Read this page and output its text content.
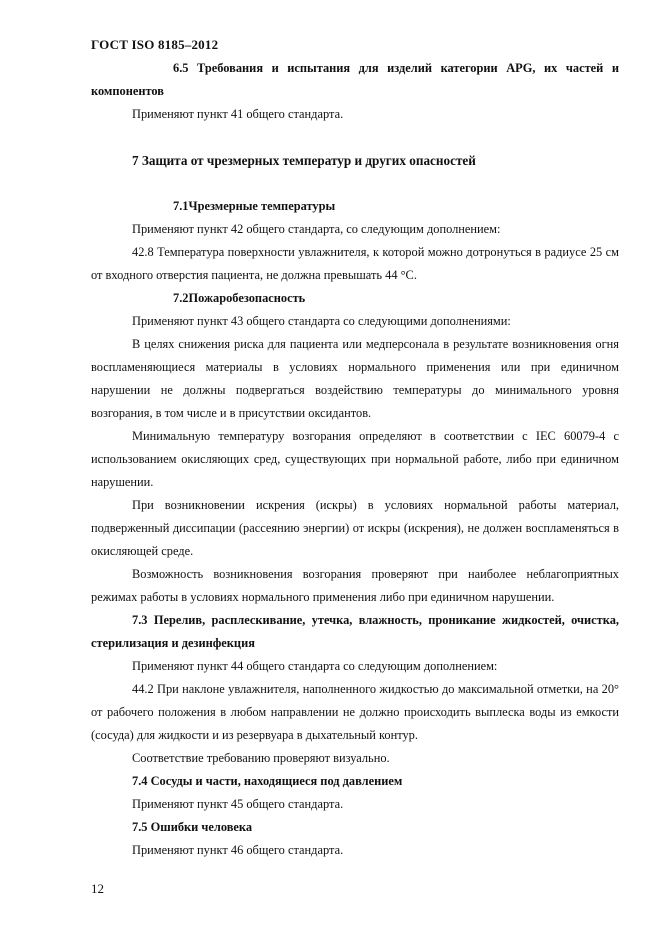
ГОСТ ISO 8185–2012

6.5 Требования и испытания для изделий категории APG, их частей и компонентов

Применяют пункт 41 общего стандарта.

7 Защита от чрезмерных температур и других опасностей

7.1Чрезмерные температуры

Применяют пункт 42 общего стандарта, со следующим дополнением:

42.8 Температура поверхности увлажнителя, к которой можно дотронуться в радиусе 25 см от входного отверстия пациента, не должна превышать 44 °С.

7.2Пожаробезопасность

Применяют пункт 43 общего стандарта со следующими дополнениями:

В целях снижения риска для пациента или медперсонала в результате возникновения огня воспламеняющиеся материалы в условиях нормального применения или при единичном нарушении не должны подвергаться воздействию температуры до минимального уровня возгорания, в том числе и в присутствии оксидантов.

Минимальную температуру возгорания определяют в соответствии с IEC 60079-4 с использованием окисляющих сред, существующих при нормальной работе, либо при единичном нарушении.

При возникновении искрения (искры) в условиях нормальной работы материал, подверженный диссипации (рассеянию энергии) от искры (искрения), не должен воспламеняться в окисляющей среде.

Возможность возникновения возгорания проверяют при наиболее неблагоприятных режимах работы в условиях нормального применения либо при единичном нарушении.

7.3 Перелив, расплескивание, утечка, влажность, проникание жидкостей, очистка, стерилизация и дезинфекция

Применяют пункт 44 общего стандарта со следующим дополнением:

44.2 При наклоне увлажнителя, наполненного жидкостью до максимальной отметки, на 20° от рабочего положения в любом направлении не должно происходить выплеска воды из емкости (сосуда) для жидкости и из резервуара в дыхательный контур.

Соответствие требованию проверяют визуально.

7.4 Сосуды и части, находящиеся под давлением

Применяют пункт 45 общего стандарта.

7.5 Ошибки человека

Применяют пункт 46 общего стандарта.

12
